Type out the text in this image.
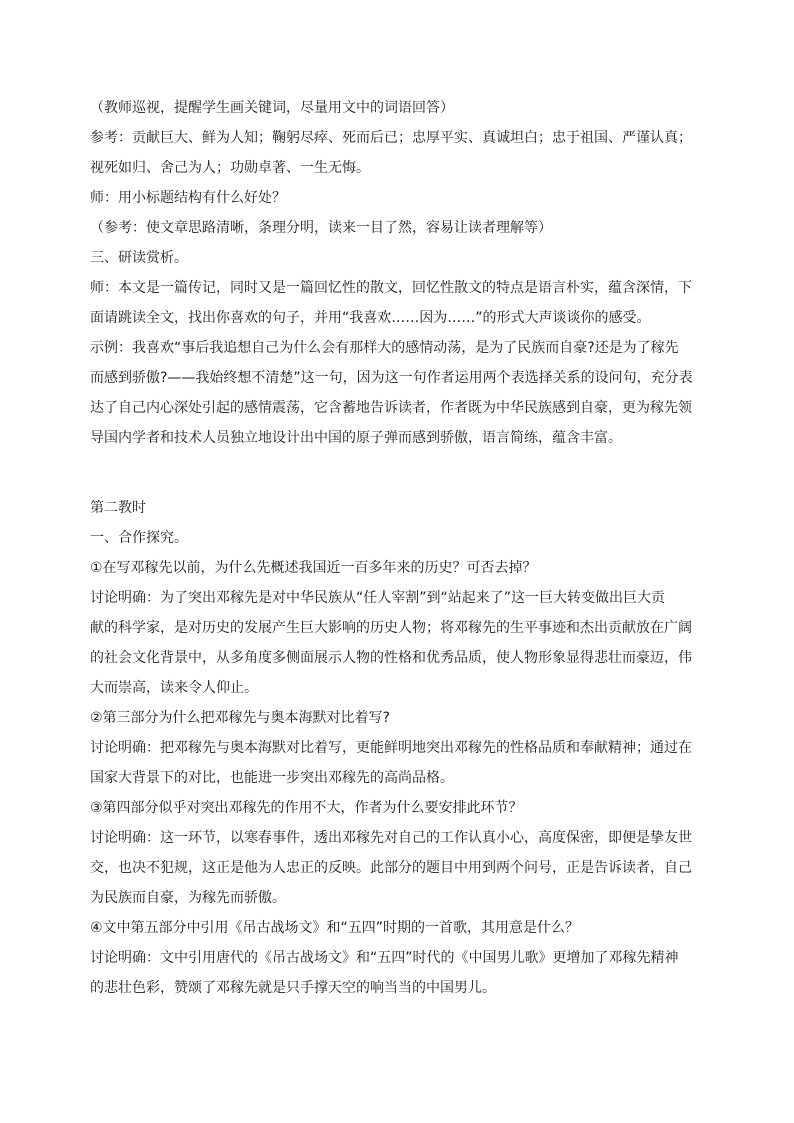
（教师巡视，提醒学生画关键词，尽量用文中的词语回答）

参考：贡献巨大、鲜为人知；鞠躬尽瘁、死而后已；忠厚平实、真诚坦白；忠于祖国、严谨认真；

视死如归、舍己为人；功勋卓著、一生无悔。

师：用小标题结构有什么好处？

（参考：使文章思路清晰，条理分明，读来一目了然，容易让读者理解等）

三、研读赏析。

师：本文是一篇传记，同时又是一篇回忆性的散文，回忆性散文的特点是语言朴实，蕴含深情，下

面请跳读全文，找出你喜欢的句子，并用“我喜欢……因为……”的形式大声谈谈你的感受。

示例：我喜欢“事后我追想自己为什么会有那样大的感情动荡，是为了民族而自豪?还是为了稼先

而感到骄傲?——我始终想不清楚”这一句，因为这一句作者运用两个表选择关系的设问句，充分表

达了自己内心深处引起的感情震荡，它含蓄地告诉读者，作者既为中华民族感到自豪，更为稼先领

导国内学者和技术人员独立地设计出中国的原子弹而感到骄傲，语言简练，蕴含丰富。

第二教时

一、合作探究。

①在写邓稼先以前，为什么先概述我国近一百多年来的历史？可否去掉？

讨论明确：为了突出邓稼先是对中华民族从“任人宰割”到“站起来了”这一巨大转变做出巨大贡

献的科学家，是对历史的发展产生巨大影响的历史人物；将邓稼先的生平事迹和杰出贡献放在广阔

的社会文化背景中，从多角度多侧面展示人物的性格和优秀品质，使人物形象显得悲壮而豪迈，伟

大而崇高，读来令人仰止。

②第三部分为什么把邓稼先与奥本海默对比着写?

讨论明确：把邓稼先与奥本海默对比着写，更能鲜明地突出邓稼先的性格品质和奉献精神；通过在

国家大背景下的对比，也能进一步突出邓稼先的高尚品格。

③第四部分似乎对突出邓稼先的作用不大，作者为什么要安排此环节？

讨论明确：这一环节，以寒春事件，透出邓稼先对自己的工作认真小心，高度保密，即便是挚友世

交，也决不犯规，这正是他为人忠正的反映。此部分的题目中用到两个问号，正是告诉读者，自己

为民族而自豪，为稼先而骄傲。

④文中第五部分中引用《吊古战场文》和“五四”时期的一首歌，其用意是什么？

讨论明确：文中引用唐代的《吊古战场文》和“五四”时代的《中国男儿歌》更增加了邓稼先精神

的悲壮色彩，赞颂了邓稼先就是只手撑天空的响当当的中国男儿。
